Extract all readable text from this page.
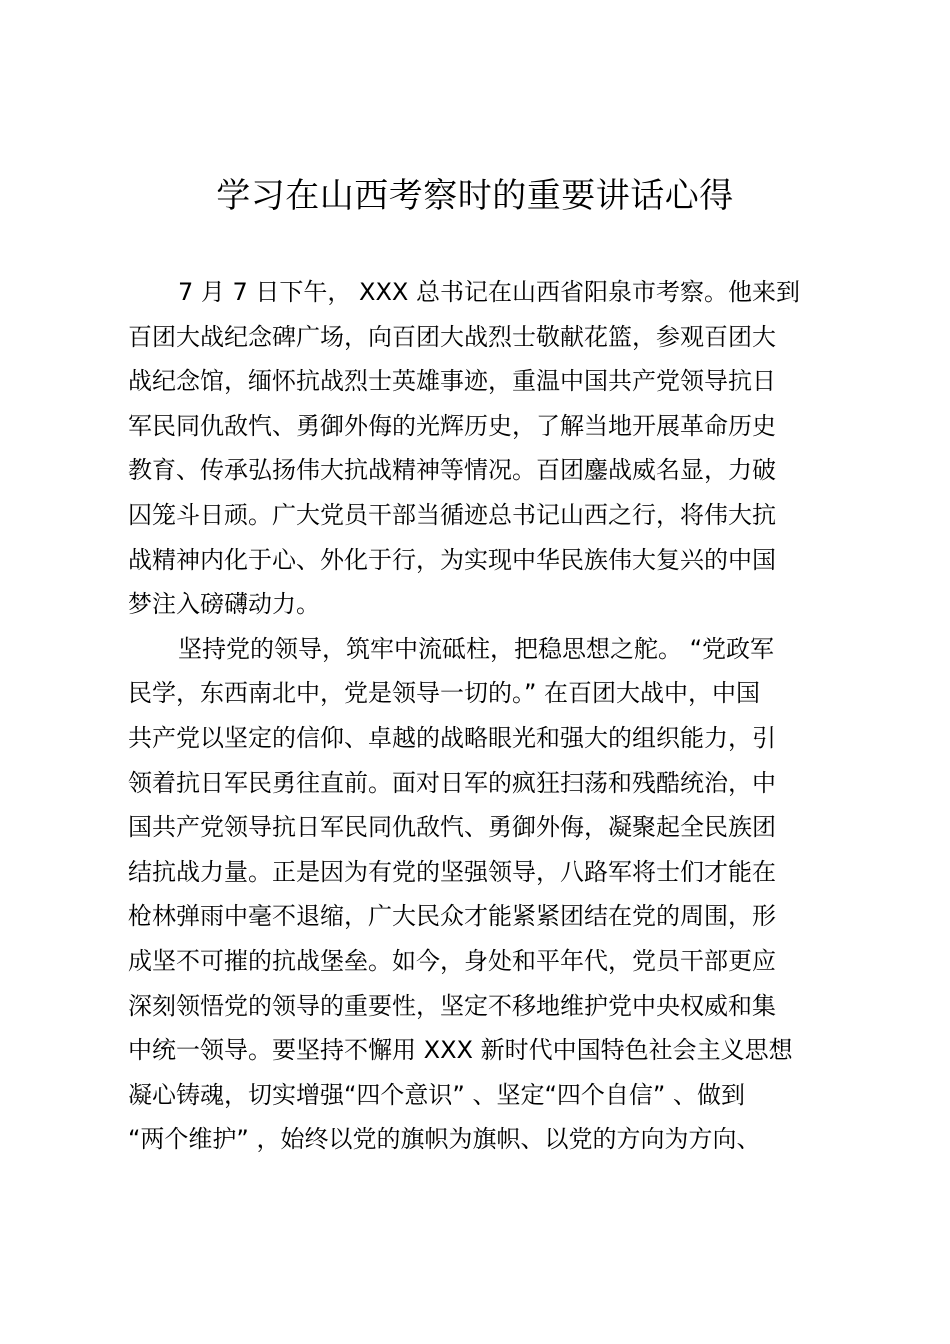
学习在山西考察时的重要讲话心得
7 月 7 日下午， XXX 总书记在山西省阳泉市考察。他来到
百团大战纪念碑广场，向百团大战烈士敬献花篮，参观百团大
战纪念馆，缅怀抗战烈士英雄事迹，重温中国共产党领导抗日
军民同仇敌忾、勇御外侮的光辉历史，了解当地开展革命历史
教育、传承弘扬伟大抗战精神等情况。百团鏖战威名显，力破
囚笼斗日顽。广大党员干部当循迹总书记山西之行，将伟大抗
战精神内化于心、外化于行，为实现中华民族伟大复兴的中国
梦注入磅礴动力。
坚持党的领导，筑牢中流砥柱，把稳思想之舵。 “党政军
民学，东西南北中，党是领导一切的。” 在百团大战中，中国
共产党以坚定的信仰、卓越的战略眼光和强大的组织能力，引
领着抗日军民勇往直前。面对日军的疯狂扫荡和残酷统治，中
国共产党领导抗日军民同仇敌忾、勇御外侮，凝聚起全民族团
结抗战力量。正是因为有党的坚强领导，八路军将士们才能在
枪林弹雨中毫不退缩，广大民众才能紧紧团结在党的周围，形
成坚不可摧的抗战堡垒。如今，身处和平年代，党员干部更应
深刻领悟党的领导的重要性，坚定不移地维护党中央权威和集
中统一领导。要坚持不懈用 XXX 新时代中国特色社会主义思想
凝心铸魂，切实增强“四个意识” 、坚定“四个自信” 、做到
“两个维护” ，始终以党的旗帜为旗帜、以党的方向为方向、
